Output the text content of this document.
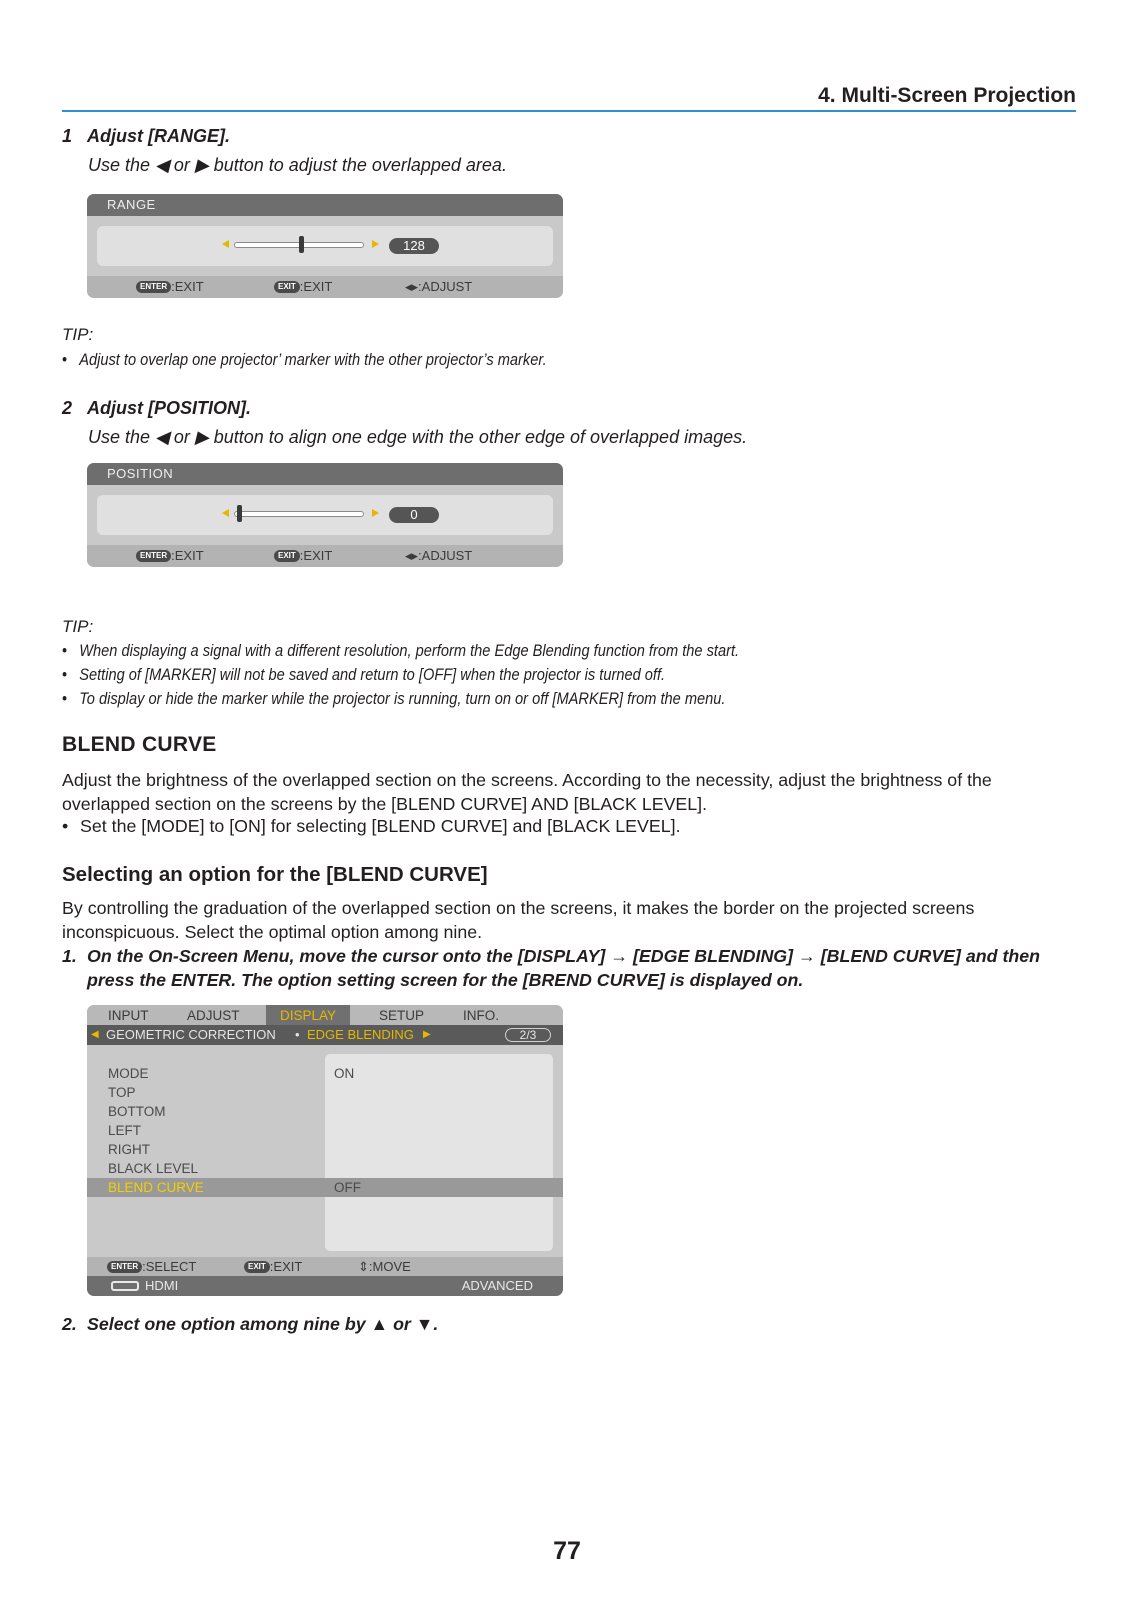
4. Multi-Screen Projection
1 Adjust [RANGE].
Use the ◀ or ▶ button to adjust the overlapped area.
RANGE
128
ENTER :EXIT	EXIT :EXIT	◂▸:ADJUST
TIP:
• Adjust to overlap one projector’ marker with the other projector’s marker.
2 Adjust [POSITION].
Use the ◀ or ▶ button to align one edge with the other edge of overlapped images.
POSITION
0
ENTER :EXIT	EXIT :EXIT	◂▸:ADJUST
TIP:
• When displaying a signal with a different resolution, perform the Edge Blending function from the start.
• Setting of [MARKER] will not be saved and return to [OFF] when the projector is turned off.
• To display or hide the marker while the projector is running, turn on or off [MARKER] from the menu.
BLEND CURVE
Adjust the brightness of the overlapped section on the screens. According to the necessity, adjust the brightness of the overlapped section on the screens by the [BLEND CURVE] AND [BLACK LEVEL].
• Set the [MODE] to [ON] for selecting [BLEND CURVE] and [BLACK LEVEL].
Selecting an option for the [BLEND CURVE]
By controlling the graduation of the overlapped section on the screens, it makes the border on the projected screens inconspicuous. Select the optimal option among nine.
1. On the On-Screen Menu, move the cursor onto the [DISPLAY] → [EDGE BLENDING] → [BLEND CURVE] and then press the ENTER. The option setting screen for the [BREND CURVE] is displayed on.
INPUT	ADJUST	DISPLAY	SETUP	INFO.
◀ GEOMETRIC CORRECTION • EDGE BLENDING ▶	2/3
MODE	ON
TOP
BOTTOM
LEFT
RIGHT
BLACK LEVEL
BLEND CURVE	OFF
ENTER :SELECT	EXIT :EXIT	⇕:MOVE
HDMI	ADVANCED
2. Select one option among nine by ▲ or ▼.
77
